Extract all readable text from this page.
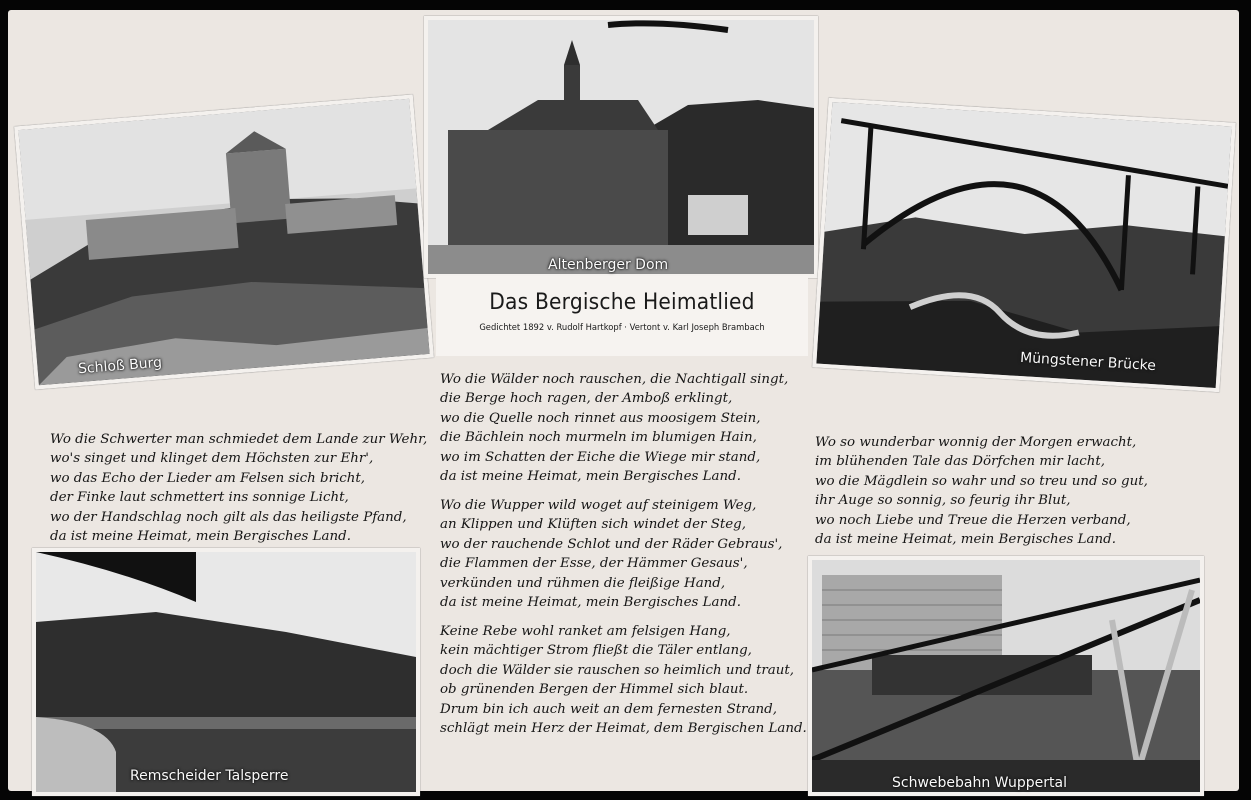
Schloß Burg
Altenberger Dom
Das Bergische Heimatlied
Gedichtet 1892 v. Rudolf Hartkopf · Vertont v. Karl Joseph Brambach
Müngstener Brücke
Wo die Schwerter man schmiedet dem Lande zur Wehr,
wo's singet und klinget dem Höchsten zur Ehr',
wo das Echo der Lieder am Felsen sich bricht,
der Finke laut schmettert ins sonnige Licht,
wo der Handschlag noch gilt als das heiligste Pfand,
da ist meine Heimat, mein Bergisches Land.
Wo die Wälder noch rauschen, die Nachtigall singt,
die Berge hoch ragen, der Amboß erklingt,
wo die Quelle noch rinnet aus moosigem Stein,
die Bächlein noch murmeln im blumigen Hain,
wo im Schatten der Eiche die Wiege mir stand,
da ist meine Heimat, mein Bergisches Land.
Wo die Wupper wild woget auf steinigem Weg,
an Klippen und Klüften sich windet der Steg,
wo der rauchende Schlot und der Räder Gebraus',
die Flammen der Esse, der Hämmer Gesaus',
verkünden und rühmen die fleißige Hand,
da ist meine Heimat, mein Bergisches Land.
Keine Rebe wohl ranket am felsigen Hang,
kein mächtiger Strom fließt die Täler entlang,
doch die Wälder sie rauschen so heimlich und traut,
ob grünenden Bergen der Himmel sich blaut.
Drum bin ich auch weit an dem fernesten Strand,
schlägt mein Herz der Heimat, dem Bergischen Land.
Wo so wunderbar wonnig der Morgen erwacht,
im blühenden Tale das Dörfchen mir lacht,
wo die Mägdlein so wahr und so treu und so gut,
ihr Auge so sonnig, so feurig ihr Blut,
wo noch Liebe und Treue die Herzen verband,
da ist meine Heimat, mein Bergisches Land.
Remscheider Talsperre	Schwebebahn Wuppertal
